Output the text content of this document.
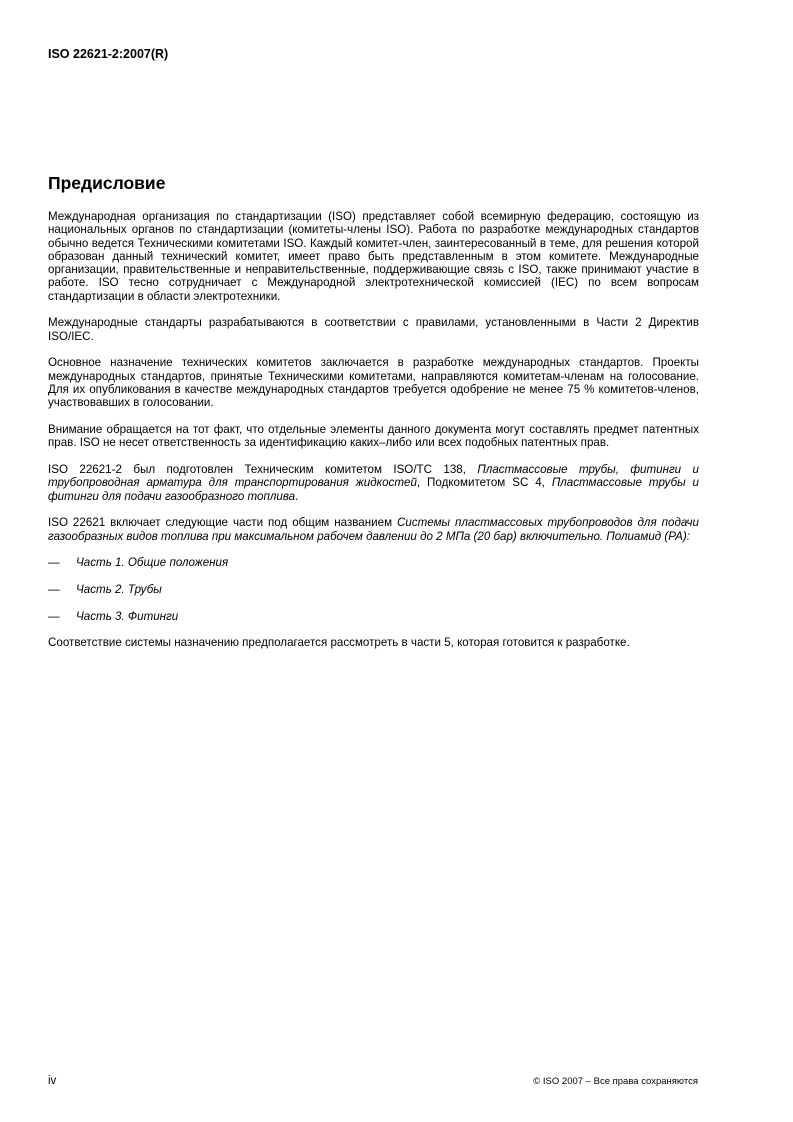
ISO 22621-2:2007(R)
Предисловие

Международная организация по стандартизации (ISO) представляет собой всемирную федерацию, состоящую из национальных органов по стандартизации (комитеты-члены ISO). Работа по разработке международных стандартов обычно ведется Техническими комитетами ISO. Каждый комитет-член, заинтересованный в теме, для решения которой образован данный технический комитет, имеет право быть представленным в этом комитете. Международные организации, правительственные и неправительственные, поддерживающие связь с ISO, также принимают участие в работе. ISO тесно сотрудничает с Международной электротехнической комиссией (IEC) по всем вопросам стандартизации в области электротехники.

Международные стандарты разрабатываются в соответствии с правилами, установленными в Части 2 Директив ISO/IEC.

Основное назначение технических комитетов заключается в разработке международных стандартов. Проекты международных стандартов, принятые Техническими комитетами, направляются комитетам-членам на голосование. Для их опубликования в качестве международных стандартов требуется одобрение не менее 75 % комитетов-членов, участвовавших в голосовании.

Внимание обращается на тот факт, что отдельные элементы данного документа могут составлять предмет патентных прав. ISO не несет ответственность за идентификацию каких–либо или всех подобных патентных прав.

ISO 22621-2 был подготовлен Техническим комитетом ISO/TC 138, Пластмассовые трубы, фитинги и трубопроводная арматура для транспортирования жидкостей, Подкомитетом SC 4, Пластмассовые трубы и фитинги для подачи газообразного топлива.

ISO 22621 включает следующие части под общим названием Системы пластмассовых трубопроводов для подачи газообразных видов топлива при максимальном рабочем давлении до 2 МПа (20 бар) включительно. Полиамид (PA):

— Часть 1. Общие положения
— Часть 2. Трубы
— Часть 3. Фитинги

Соответствие системы назначению предполагается рассмотреть в части 5, которая готовится к разработке.

iv	© ISO 2007 – Все права сохраняются
